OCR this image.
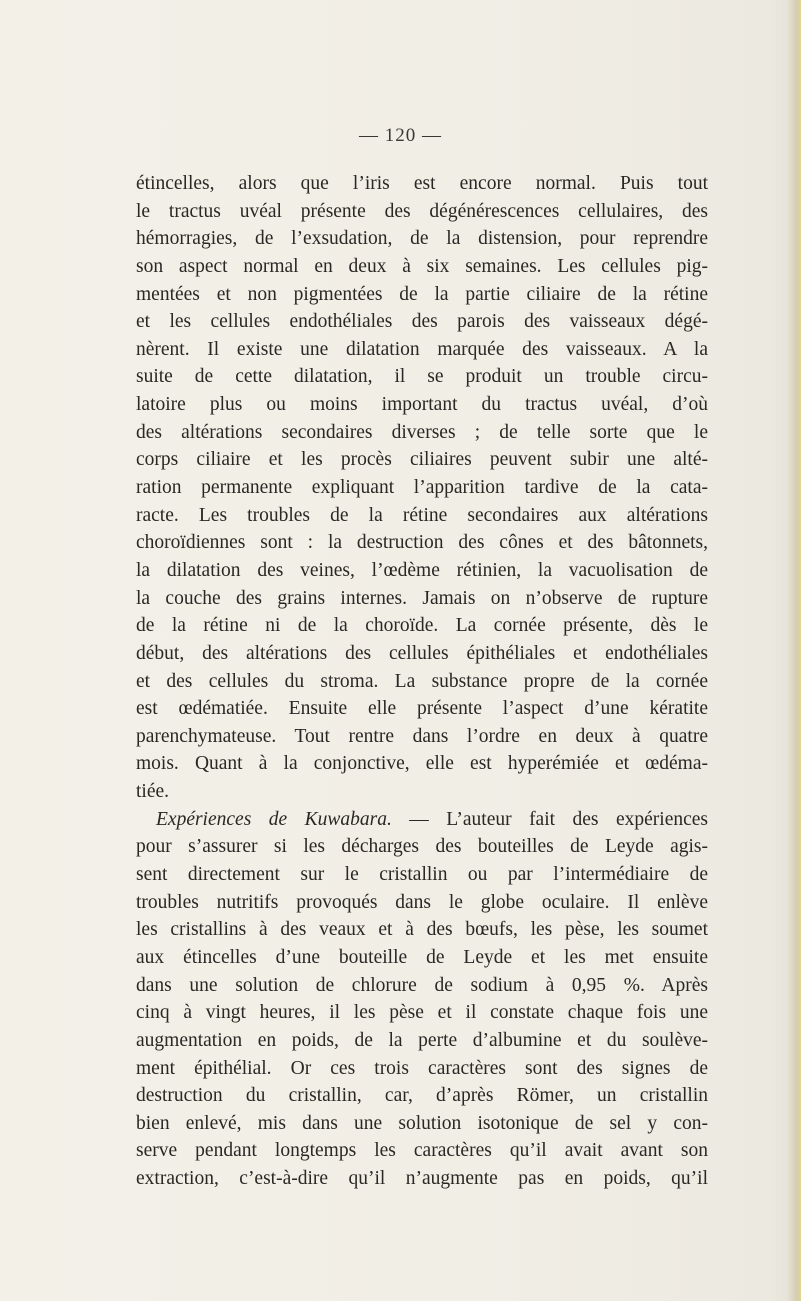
— 120 —
étincelles, alors que l’iris est encore normal. Puis tout
le tractus uvéal présente des dégénérescences cellulaires, des
hémorragies, de l’exsudation, de la distension, pour reprendre
son aspect normal en deux à six semaines. Les cellules pig-
mentées et non pigmentées de la partie ciliaire de la rétine
et les cellules endothéliales des parois des vaisseaux dégé-
nèrent. Il existe une dilatation marquée des vaisseaux. A la
suite de cette dilatation, il se produit un trouble circu-
latoire plus ou moins important du tractus uvéal, d’où
des altérations secondaires diverses ; de telle sorte que le
corps ciliaire et les procès ciliaires peuvent subir une alté-
ration permanente expliquant l’apparition tardive de la cata-
racte. Les troubles de la rétine secondaires aux altérations
choroïdiennes sont : la destruction des cônes et des bâtonnets,
la dilatation des veines, l’œdème rétinien, la vacuolisation de
la couche des grains internes. Jamais on n’observe de rupture
de la rétine ni de la choroïde. La cornée présente, dès le
début, des altérations des cellules épithéliales et endothéliales
et des cellules du stroma. La substance propre de la cornée
est œdématiée. Ensuite elle présente l’aspect d’une kératite
parenchymateuse. Tout rentre dans l’ordre en deux à quatre
mois. Quant à la conjonctive, elle est hyperémiée et œdéma-
tiée.
Expériences de Kuwabara. — L’auteur fait des expériences
pour s’assurer si les décharges des bouteilles de Leyde agis-
sent directement sur le cristallin ou par l’intermédiaire de
troubles nutritifs provoqués dans le globe oculaire. Il enlève
les cristallins à des veaux et à des bœufs, les pèse, les soumet
aux étincelles d’une bouteille de Leyde et les met ensuite
dans une solution de chlorure de sodium à 0,95 %. Après
cinq à vingt heures, il les pèse et il constate chaque fois une
augmentation en poids, de la perte d’albumine et du soulève-
ment épithélial. Or ces trois caractères sont des signes de
destruction du cristallin, car, d’après Römer, un cristallin
bien enlevé, mis dans une solution isotonique de sel y con-
serve pendant longtemps les caractères qu’il avait avant son
extraction, c’est-à-dire qu’il n’augmente pas en poids, qu’il
